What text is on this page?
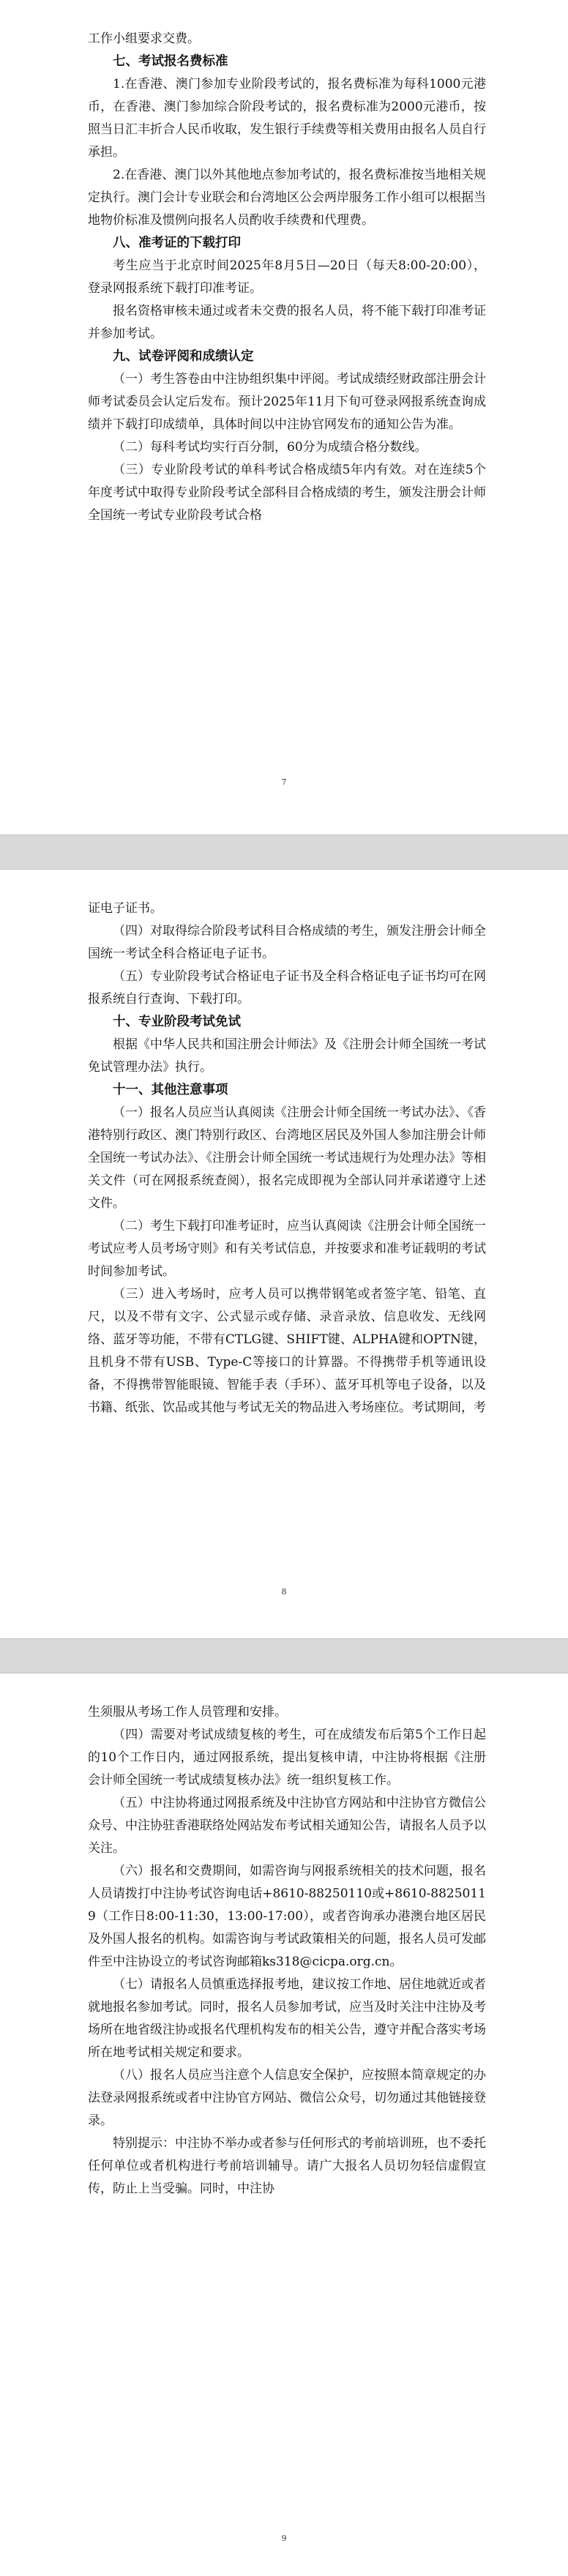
工作小组要求交费。

七、考试报名费标准

1.在香港、澳门参加专业阶段考试的，报名费标准为每科1000元港币，在香港、澳门参加综合阶段考试的，报名费标准为2000元港币，按照当日汇丰折合人民币收取，发生银行手续费等相关费用由报名人员自行承担。

2.在香港、澳门以外其他地点参加考试的，报名费标准按当地相关规定执行。澳门会计专业联会和台湾地区公会两岸服务工作小组可以根据当地物价标准及惯例向报名人员酌收手续费和代理费。

八、准考证的下载打印

考生应当于北京时间2025年8月5日—20日（每天8:00-20:00），登录网报系统下载打印准考证。

报名资格审核未通过或者未交费的报名人员，将不能下载打印准考证并参加考试。

九、试卷评阅和成绩认定

（一）考生答卷由中注协组织集中评阅。考试成绩经财政部注册会计师考试委员会认定后发布。预计2025年11月下旬可登录网报系统查询成绩并下载打印成绩单，具体时间以中注协官网发布的通知公告为准。

（二）每科考试均实行百分制，60分为成绩合格分数线。

（三）专业阶段考试的单科考试合格成绩5年内有效。对在连续5个年度考试中取得专业阶段考试全部科目合格成绩的考生，颁发注册会计师全国统一考试专业阶段考试合格

7

证电子证书。

（四）对取得综合阶段考试科目合格成绩的考生，颁发注册会计师全国统一考试全科合格证电子证书。

（五）专业阶段考试合格证电子证书及全科合格证电子证书均可在网报系统自行查询、下载打印。

十、专业阶段考试免试

根据《中华人民共和国注册会计师法》及《注册会计师全国统一考试免试管理办法》执行。

十一、其他注意事项

（一）报名人员应当认真阅读《注册会计师全国统一考试办法》、《香港特别行政区、澳门特别行政区、台湾地区居民及外国人参加注册会计师全国统一考试办法》、《注册会计师全国统一考试违规行为处理办法》等相关文件（可在网报系统查阅），报名完成即视为全部认同并承诺遵守上述文件。

（二）考生下载打印准考证时，应当认真阅读《注册会计师全国统一考试应考人员考场守则》和有关考试信息，并按要求和准考证载明的考试时间参加考试。

（三）进入考场时，应考人员可以携带钢笔或者签字笔、铅笔、直尺，以及不带有文字、公式显示或存储、录音录放、信息收发、无线网络、蓝牙等功能，不带有CTLG键、SHIFT键、ALPHA键和OPTN键，且机身不带有USB、Type-C等接口的计算器。不得携带手机等通讯设备，不得携带智能眼镜、智能手表（手环）、蓝牙耳机等电子设备，以及书籍、纸张、饮品或其他与考试无关的物品进入考场座位。考试期间，考

8

生须服从考场工作人员管理和安排。

（四）需要对考试成绩复核的考生，可在成绩发布后第5个工作日起的10个工作日内，通过网报系统，提出复核申请，中注协将根据《注册会计师全国统一考试成绩复核办法》统一组织复核工作。

（五）中注协将通过网报系统及中注协官方网站和中注协官方微信公众号、中注协驻香港联络处网站发布考试相关通知公告，请报名人员予以关注。

（六）报名和交费期间，如需咨询与网报系统相关的技术问题，报名人员请拨打中注协考试咨询电话+8610-88250110或+8610-88250119（工作日8:00-11:30，13:00-17:00），或者咨询承办港澳台地区居民及外国人报名的机构。如需咨询与考试政策相关的问题，报名人员可发邮件至中注协设立的考试咨询邮箱ks318@cicpa.org.cn。

（七）请报名人员慎重选择报考地，建议按工作地、居住地就近或者就地报名参加考试。同时，报名人员参加考试，应当及时关注中注协及考场所在地省级注协或报名代理机构发布的相关公告，遵守并配合落实考场所在地考试相关规定和要求。

（八）报名人员应当注意个人信息安全保护，应按照本简章规定的办法登录网报系统或者中注协官方网站、微信公众号，切勿通过其他链接登录。

特别提示：中注协不举办或者参与任何形式的考前培训班，也不委托任何单位或者机构进行考前培训辅导。请广大报名人员切勿轻信虚假宣传，防止上当受骗。同时，中注协

9
